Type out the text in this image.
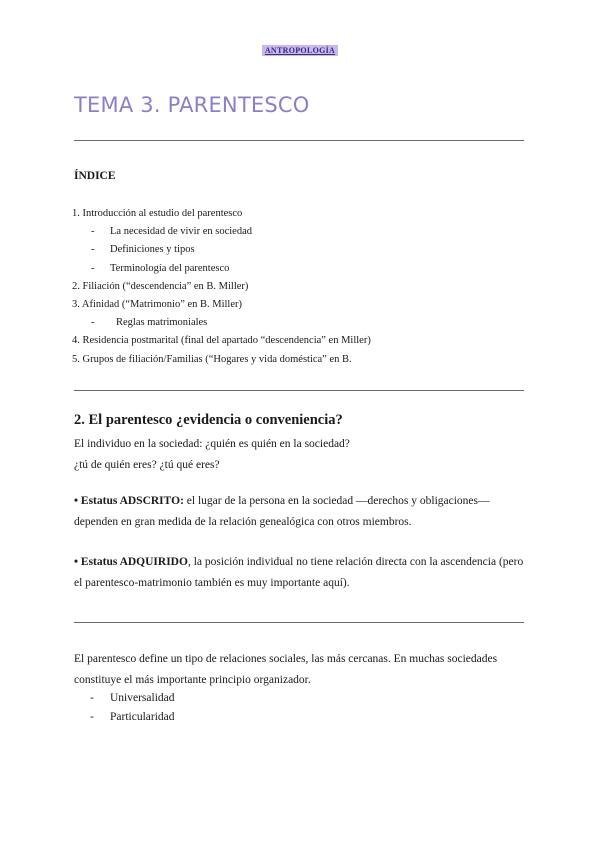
ANTROPOLOGÍA
TEMA 3. PARENTESCO
ÍNDICE
1. Introducción al estudio del parentesco
- La necesidad de vivir en sociedad
- Definiciones y tipos
- Terminología del parentesco
2. Filiación (“descendencia” en B. Miller)
3. Afinidad (“Matrimonio” en B. Miller)
- Reglas matrimoniales
4. Residencia postmarital (final del apartado “descendencia” en Miller)
5. Grupos de filiación/Familias (“Hogares y vida doméstica” en B.
2. El parentesco ¿evidencia o conveniencia?

El individuo en la sociedad: ¿quién es quién en la sociedad?
¿tú de quién eres? ¿tú qué eres?

• Estatus ADSCRITO: el lugar de la persona en la sociedad —derechos y obligaciones— dependen en gran medida de la relación genealógica con otros miembros.

• Estatus ADQUIRIDO, la posición individual no tiene relación directa con la ascendencia (pero el parentesco-matrimonio también es muy importante aquí).

El parentesco define un tipo de relaciones sociales, las más cercanas. En muchas sociedades constituye el más importante principio organizador.

- Universalidad
- Particularidad
